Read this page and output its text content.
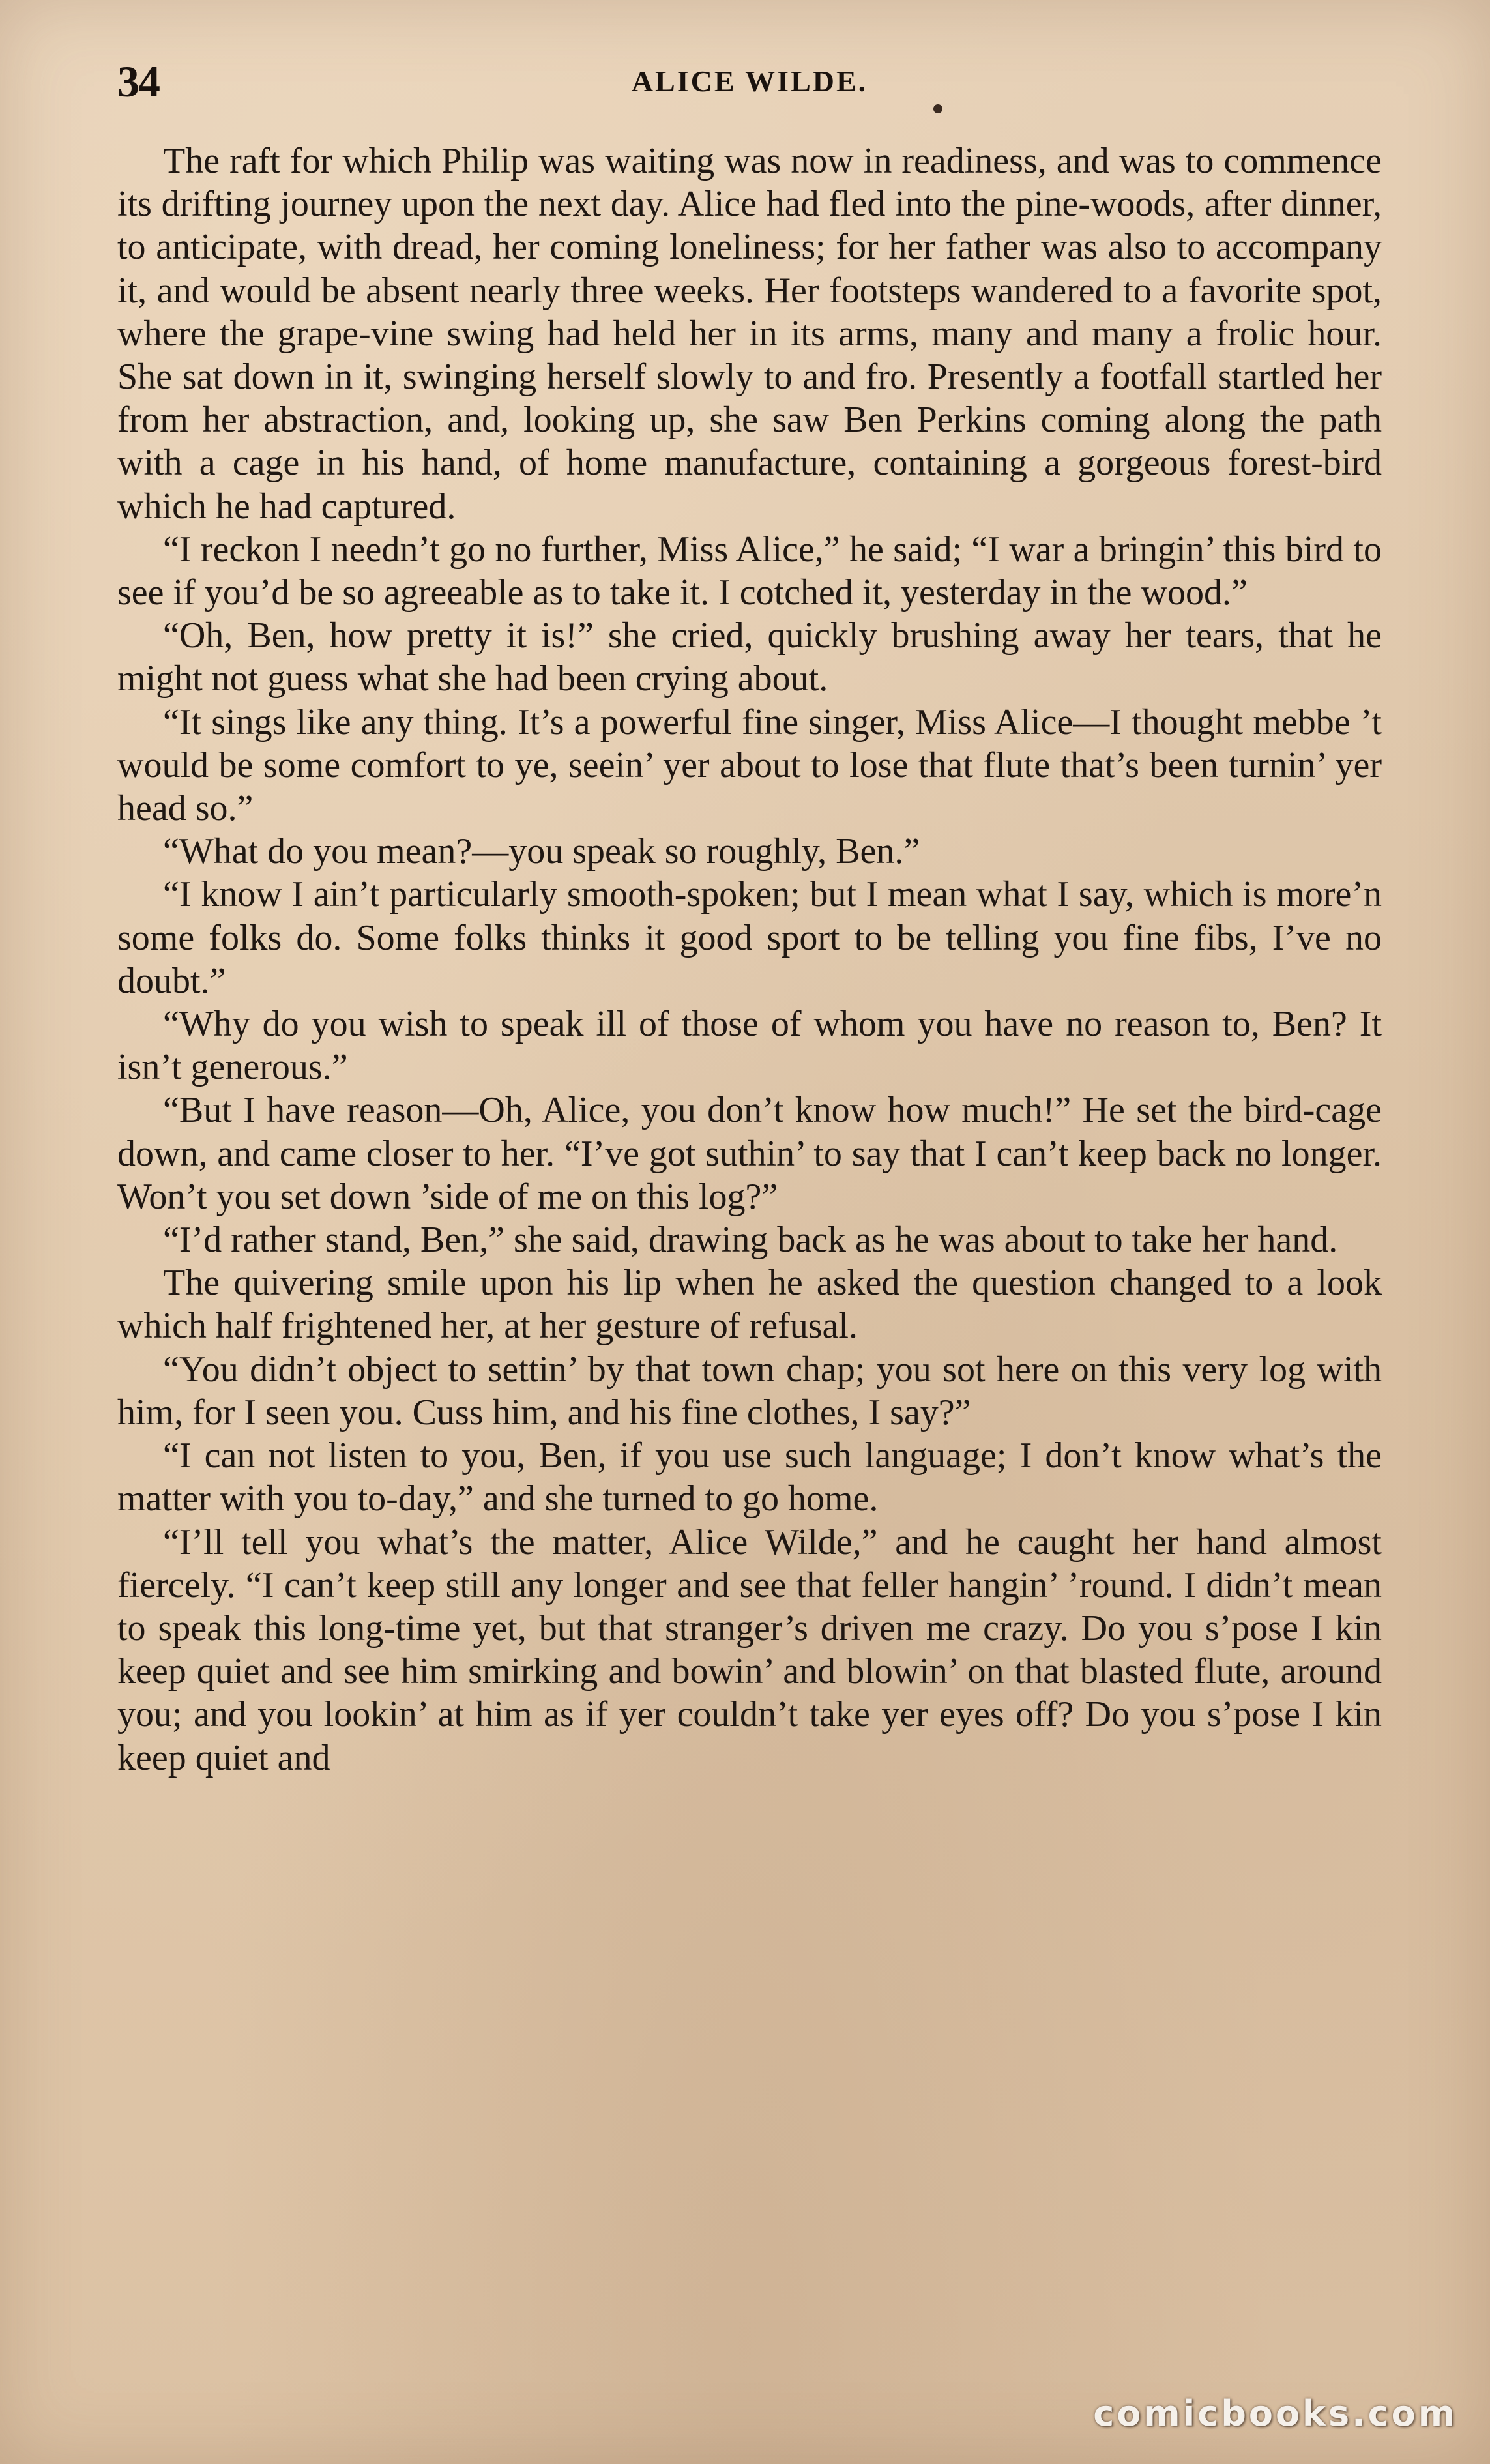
34	ALICE WILDE.

The raft for which Philip was waiting was now in readiness, and was to commence its drifting journey upon the next day. Alice had fled into the pine-woods, after dinner, to anticipate, with dread, her coming loneliness; for her father was also to accompany it, and would be absent nearly three weeks. Her footsteps wandered to a favorite spot, where the grape-vine swing had held her in its arms, many and many a frolic hour. She sat down in it, swinging herself slowly to and fro. Presently a footfall startled her from her abstraction, and, looking up, she saw Ben Perkins coming along the path with a cage in his hand, of home manufacture, containing a gorgeous forest-bird which he had captured.

“I reckon I needn’t go no further, Miss Alice,” he said; “I war a bringin’ this bird to see if you’d be so agreeable as to take it. I cotched it, yesterday in the wood.”

“Oh, Ben, how pretty it is!” she cried, quickly brushing away her tears, that he might not guess what she had been crying about.

“It sings like any thing. It’s a powerful fine singer, Miss Alice—I thought mebbe ’t would be some comfort to ye, seein’ yer about to lose that flute that’s been turnin’ yer head so.”

“What do you mean?—you speak so roughly, Ben.”

“I know I ain’t particularly smooth-spoken; but I mean what I say, which is more’n some folks do. Some folks thinks it good sport to be telling you fine fibs, I’ve no doubt.”

“Why do you wish to speak ill of those of whom you have no reason to, Ben? It isn’t generous.”

“But I have reason—Oh, Alice, you don’t know how much!” He set the bird-cage down, and came closer to her. “I’ve got suthin’ to say that I can’t keep back no longer. Won’t you set down ’side of me on this log?”

“I’d rather stand, Ben,” she said, drawing back as he was about to take her hand.

The quivering smile upon his lip when he asked the question changed to a look which half frightened her, at her gesture of refusal.

“You didn’t object to settin’ by that town chap; you sot here on this very log with him, for I seen you. Cuss him, and his fine clothes, I say?”

“I can not listen to you, Ben, if you use such language; I don’t know what’s the matter with you to-day,” and she turned to go home.

“I’ll tell you what’s the matter, Alice Wilde,” and he caught her hand almost fiercely. “I can’t keep still any longer and see that feller hangin’ ’round. I didn’t mean to speak this long-time yet, but that stranger’s driven me crazy. Do you s’pose I kin keep quiet and see him smirking and bowin’ and blowin’ on that blasted flute, around you; and you lookin’ at him as if yer couldn’t take yer eyes off? Do you s’pose I kin keep quiet and

comicbooks.com
